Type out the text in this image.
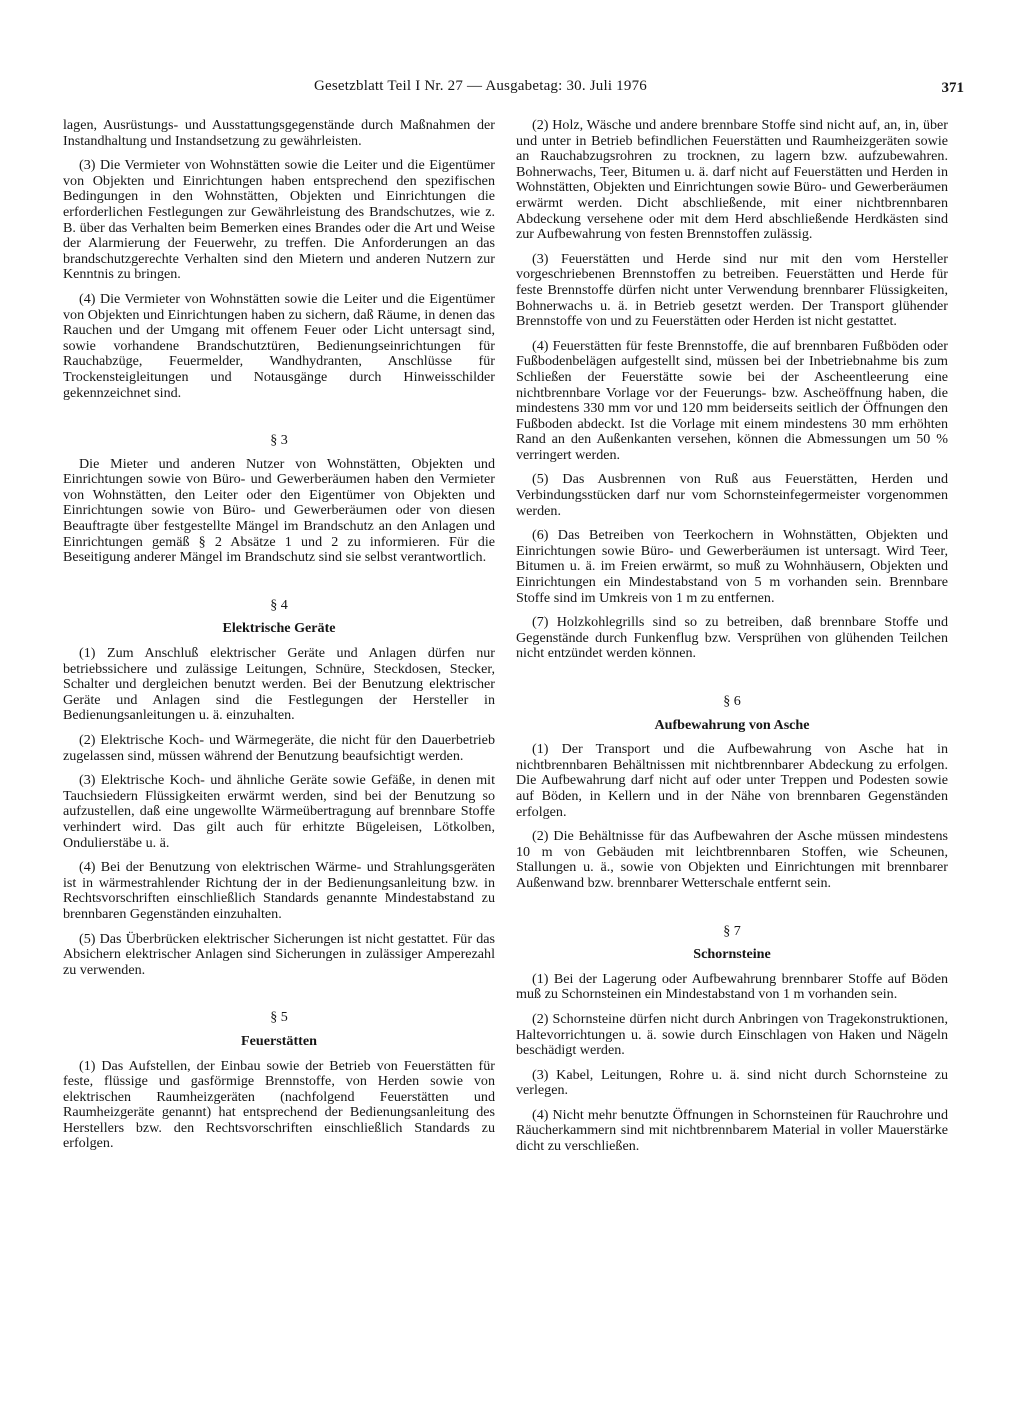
Gesetzblatt Teil I Nr. 27 — Ausgabetag: 30. Juli 1976	371

lagen, Ausrüstungs- und Ausstattungsgegenstände durch Maßnahmen der Instandhaltung und Instandsetzung zu gewährleisten.

(3) Die Vermieter von Wohnstätten sowie die Leiter und die Eigentümer von Objekten und Einrichtungen haben entsprechend den spezifischen Bedingungen in den Wohnstätten, Objekten und Einrichtungen die erforderlichen Festlegungen zur Gewährleistung des Brandschutzes, wie z. B. über das Verhalten beim Bemerken eines Brandes oder die Art und Weise der Alarmierung der Feuerwehr, zu treffen. Die Anforderungen an das brandschutzgerechte Verhalten sind den Mietern und anderen Nutzern zur Kenntnis zu bringen.

(4) Die Vermieter von Wohnstätten sowie die Leiter und die Eigentümer von Objekten und Einrichtungen haben zu sichern, daß Räume, in denen das Rauchen und der Umgang mit offenem Feuer oder Licht untersagt sind, sowie vorhandene Brandschutztüren, Bedienungseinrichtungen für Rauchabzüge, Feuermelder, Wandhydranten, Anschlüsse für Trockensteigleitungen und Notausgänge durch Hinweisschilder gekennzeichnet sind.

§ 3

Die Mieter und anderen Nutzer von Wohnstätten, Objekten und Einrichtungen sowie von Büro- und Gewerberäumen haben den Vermieter von Wohnstätten, den Leiter oder den Eigentümer von Objekten und Einrichtungen sowie von Büro- und Gewerberäumen oder von diesen Beauftragte über festgestellte Mängel im Brandschutz an den Anlagen und Einrichtungen gemäß § 2 Absätze 1 und 2 zu informieren. Für die Beseitigung anderer Mängel im Brandschutz sind sie selbst verantwortlich.

§ 4
Elektrische Geräte

(1) Zum Anschluß elektrischer Geräte und Anlagen dürfen nur betriebssichere und zulässige Leitungen, Schnüre, Steckdosen, Stecker, Schalter und dergleichen benutzt werden. Bei der Benutzung elektrischer Geräte und Anlagen sind die Festlegungen der Hersteller in Bedienungsanleitungen u. ä. einzuhalten.

(2) Elektrische Koch- und Wärmegeräte, die nicht für den Dauerbetrieb zugelassen sind, müssen während der Benutzung beaufsichtigt werden.

(3) Elektrische Koch- und ähnliche Geräte sowie Gefäße, in denen mit Tauchsiedern Flüssigkeiten erwärmt werden, sind bei der Benutzung so aufzustellen, daß eine ungewollte Wärmeübertragung auf brennbare Stoffe verhindert wird. Das gilt auch für erhitzte Bügeleisen, Lötkolben, Ondulierstäbe u. ä.

(4) Bei der Benutzung von elektrischen Wärme- und Strahlungsgeräten ist in wärmestrahlender Richtung der in der Bedienungsanleitung bzw. in Rechtsvorschriften einschließlich Standards genannte Mindestabstand zu brennbaren Gegenständen einzuhalten.

(5) Das Überbrücken elektrischer Sicherungen ist nicht gestattet. Für das Absichern elektrischer Anlagen sind Sicherungen in zulässiger Amperezahl zu verwenden.

§ 5
Feuerstätten

(1) Das Aufstellen, der Einbau sowie der Betrieb von Feuerstätten für feste, flüssige und gasförmige Brennstoffe, von Herden sowie von elektrischen Raumheizgeräten (nachfolgend Feuerstätten und Raumheizgeräte genannt) hat entsprechend der Bedienungsanleitung des Herstellers bzw. den Rechtsvorschriften einschließlich Standards zu erfolgen.

(2) Holz, Wäsche und andere brennbare Stoffe sind nicht auf, an, in, über und unter in Betrieb befindlichen Feuerstätten und Raumheizgeräten sowie an Rauchabzugsrohren zu trocknen, zu lagern bzw. aufzubewahren. Bohnerwachs, Teer, Bitumen u. ä. darf nicht auf Feuerstätten und Herden in Wohnstätten, Objekten und Einrichtungen sowie Büro- und Gewerberäumen erwärmt werden. Dicht abschließende, mit einer nichtbrennbaren Abdeckung versehene oder mit dem Herd abschließende Herdkästen sind zur Aufbewahrung von festen Brennstoffen zulässig.

(3) Feuerstätten und Herde sind nur mit den vom Hersteller vorgeschriebenen Brennstoffen zu betreiben. Feuerstätten und Herde für feste Brennstoffe dürfen nicht unter Verwendung brennbarer Flüssigkeiten, Bohnerwachs u. ä. in Betrieb gesetzt werden. Der Transport glühender Brennstoffe von und zu Feuerstätten oder Herden ist nicht gestattet.

(4) Feuerstätten für feste Brennstoffe, die auf brennbaren Fußböden oder Fußbodenbelägen aufgestellt sind, müssen bei der Inbetriebnahme bis zum Schließen der Feuerstätte sowie bei der Ascheentleerung eine nichtbrennbare Vorlage vor der Feuerungs- bzw. Ascheöffnung haben, die mindestens 330 mm vor und 120 mm beiderseits seitlich der Öffnungen den Fußboden abdeckt. Ist die Vorlage mit einem mindestens 30 mm erhöhten Rand an den Außenkanten versehen, können die Abmessungen um 50 % verringert werden.

(5) Das Ausbrennen von Ruß aus Feuerstätten, Herden und Verbindungsstücken darf nur vom Schornsteinfegermeister vorgenommen werden.

(6) Das Betreiben von Teerkochern in Wohnstätten, Objekten und Einrichtungen sowie Büro- und Gewerberäumen ist untersagt. Wird Teer, Bitumen u. ä. im Freien erwärmt, so muß zu Wohnhäusern, Objekten und Einrichtungen ein Mindestabstand von 5 m vorhanden sein. Brennbare Stoffe sind im Umkreis von 1 m zu entfernen.

(7) Holzkohlegrills sind so zu betreiben, daß brennbare Stoffe und Gegenstände durch Funkenflug bzw. Versprühen von glühenden Teilchen nicht entzündet werden können.

§ 6
Aufbewahrung von Asche

(1) Der Transport und die Aufbewahrung von Asche hat in nichtbrennbaren Behältnissen mit nichtbrennbarer Abdeckung zu erfolgen. Die Aufbewahrung darf nicht auf oder unter Treppen und Podesten sowie auf Böden, in Kellern und in der Nähe von brennbaren Gegenständen erfolgen.

(2) Die Behältnisse für das Aufbewahren der Asche müssen mindestens 10 m von Gebäuden mit leichtbrennbaren Stoffen, wie Scheunen, Stallungen u. ä., sowie von Objekten und Einrichtungen mit brennbarer Außenwand bzw. brennbarer Wetterschale entfernt sein.

§ 7
Schornsteine

(1) Bei der Lagerung oder Aufbewahrung brennbarer Stoffe auf Böden muß zu Schornsteinen ein Mindestabstand von 1 m vorhanden sein.

(2) Schornsteine dürfen nicht durch Anbringen von Tragekonstruktionen, Haltevorrichtungen u. ä. sowie durch Einschlagen von Haken und Nägeln beschädigt werden.

(3) Kabel, Leitungen, Rohre u. ä. sind nicht durch Schornsteine zu verlegen.

(4) Nicht mehr benutzte Öffnungen in Schornsteinen für Rauchrohre und Räucherkammern sind mit nichtbrennbarem Material in voller Mauerstärke dicht zu verschließen.
